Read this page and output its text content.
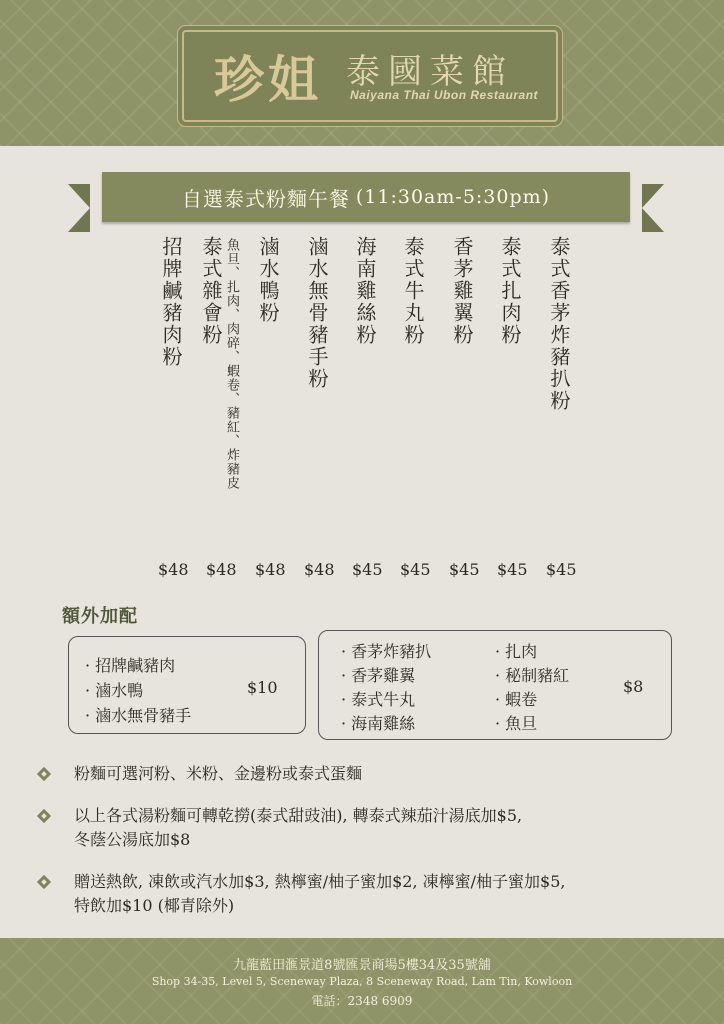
珍姐 泰國菜館
Naiyana Thai Ubon Restaurant
自選泰式粉麵午餐 (11:30am-5:30pm)
泰式香茅炸豬扒粉
泰式扎肉粉
香茅雞翼粉
泰式牛丸粉
海南雞絲粉
滷水無骨豬手粉
滷水鴨粉
魚旦、扎肉、肉碎、蝦卷、豬紅、炸豬皮
泰式雜會粉
招牌鹹豬肉粉
$45
$45
$45
$45
$45
$48
$48
$48
$48
額外加配
· 招牌鹹豬肉
· 滷水鴨
· 滷水無骨豬手
$10
· 香茅炸豬扒
· 香茅雞翼
· 泰式牛丸
· 海南雞絲
· 扎肉
· 秘制豬紅
· 蝦卷
· 魚旦
$8
粉麵可選河粉、米粉、金邊粉或泰式蛋麵
以上各式湯粉麵可轉乾撈(泰式甜豉油), 轉泰式辣茄汁湯底加$5,
冬蔭公湯底加$8
贈送熱飲, 凍飲或汽水加$3, 熱檸蜜/柚子蜜加$2, 凍檸蜜/柚子蜜加$5,
特飲加$10 (椰青除外)
九龍藍田滙景道8號匯景商場5樓34及35號舖
Shop 34-35, Level 5, Sceneway Plaza, 8 Sceneway Road, Lam Tin, Kowloon
電話：2348 6909
